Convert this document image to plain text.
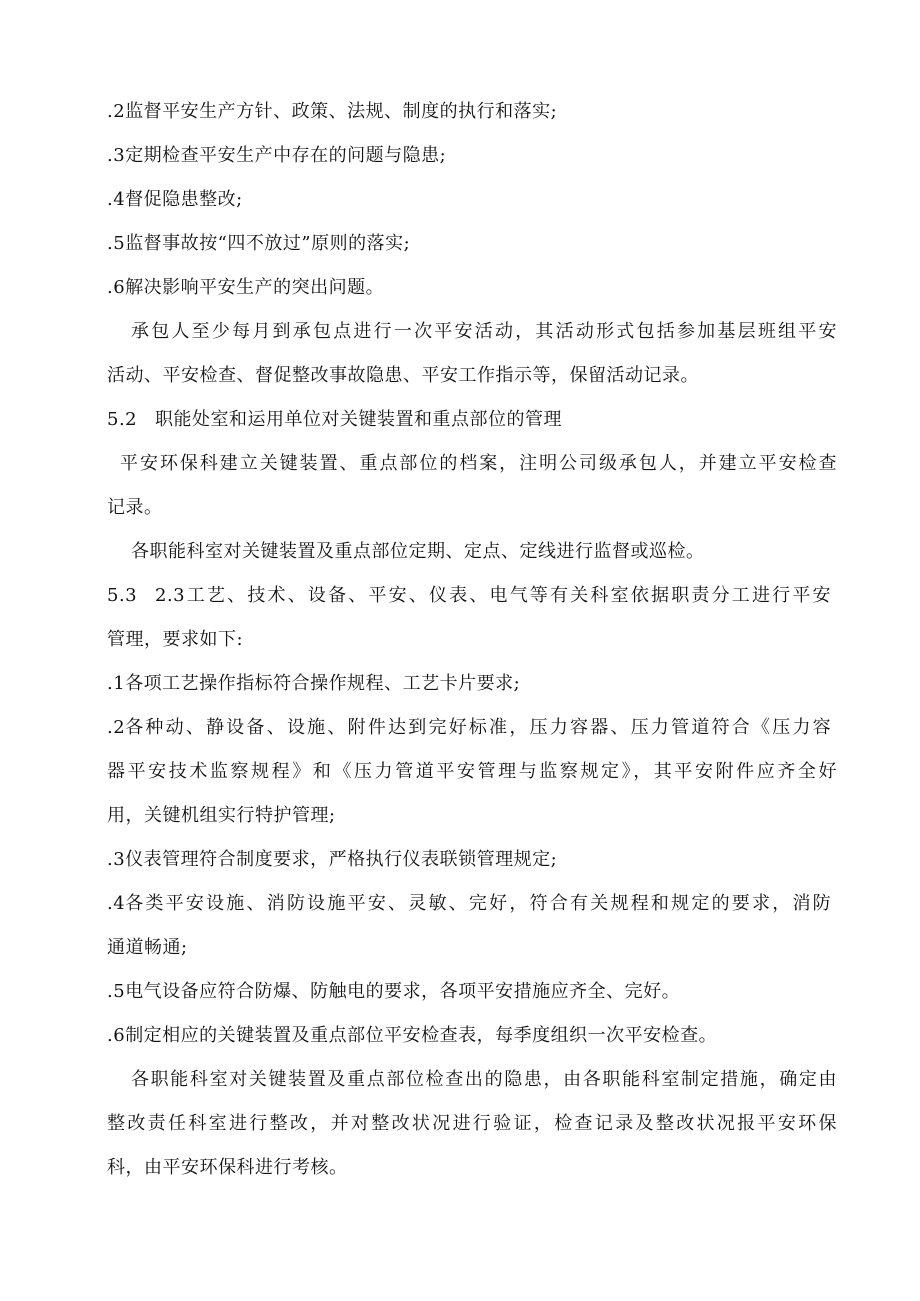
.2监督平安生产方针、政策、法规、制度的执行和落实;
.3定期检查平安生产中存在的问题与隐患;
.4督促隐患整改;
.5监督事故按“四不放过”原则的落实;
.6解决影响平安生产的突出问题。
承包人至少每月到承包点进行一次平安活动，其活动形式包括参加基层班组平安
活动、平安检查、督促整改事故隐患、平安工作指示等，保留活动记录。
5.2 职能处室和运用单位对关键装置和重点部位的管理
平安环保科建立关键装置、重点部位的档案，注明公司级承包人，并建立平安检查
记录。
各职能科室对关键装置及重点部位定期、定点、定线进行监督或巡检。
5.3 2.3工艺、技术、设备、平安、仪表、电气等有关科室依据职责分工进行平安
管理，要求如下:
.1各项工艺操作指标符合操作规程、工艺卡片要求;
.2各种动、静设备、设施、附件达到完好标准，压力容器、压力管道符合《压力容
器平安技术监察规程》和《压力管道平安管理与监察规定》，其平安附件应齐全好
用，关键机组实行特护管理;
.3仪表管理符合制度要求，严格执行仪表联锁管理规定;
.4各类平安设施、消防设施平安、灵敏、完好，符合有关规程和规定的要求，消防
通道畅通;
.5电气设备应符合防爆、防触电的要求，各项平安措施应齐全、完好。
.6制定相应的关键装置及重点部位平安检查表，每季度组织一次平安检查。
各职能科室对关键装置及重点部位检查出的隐患，由各职能科室制定措施，确定由
整改责任科室进行整改，并对整改状况进行验证，检查记录及整改状况报平安环保
科，由平安环保科进行考核。
